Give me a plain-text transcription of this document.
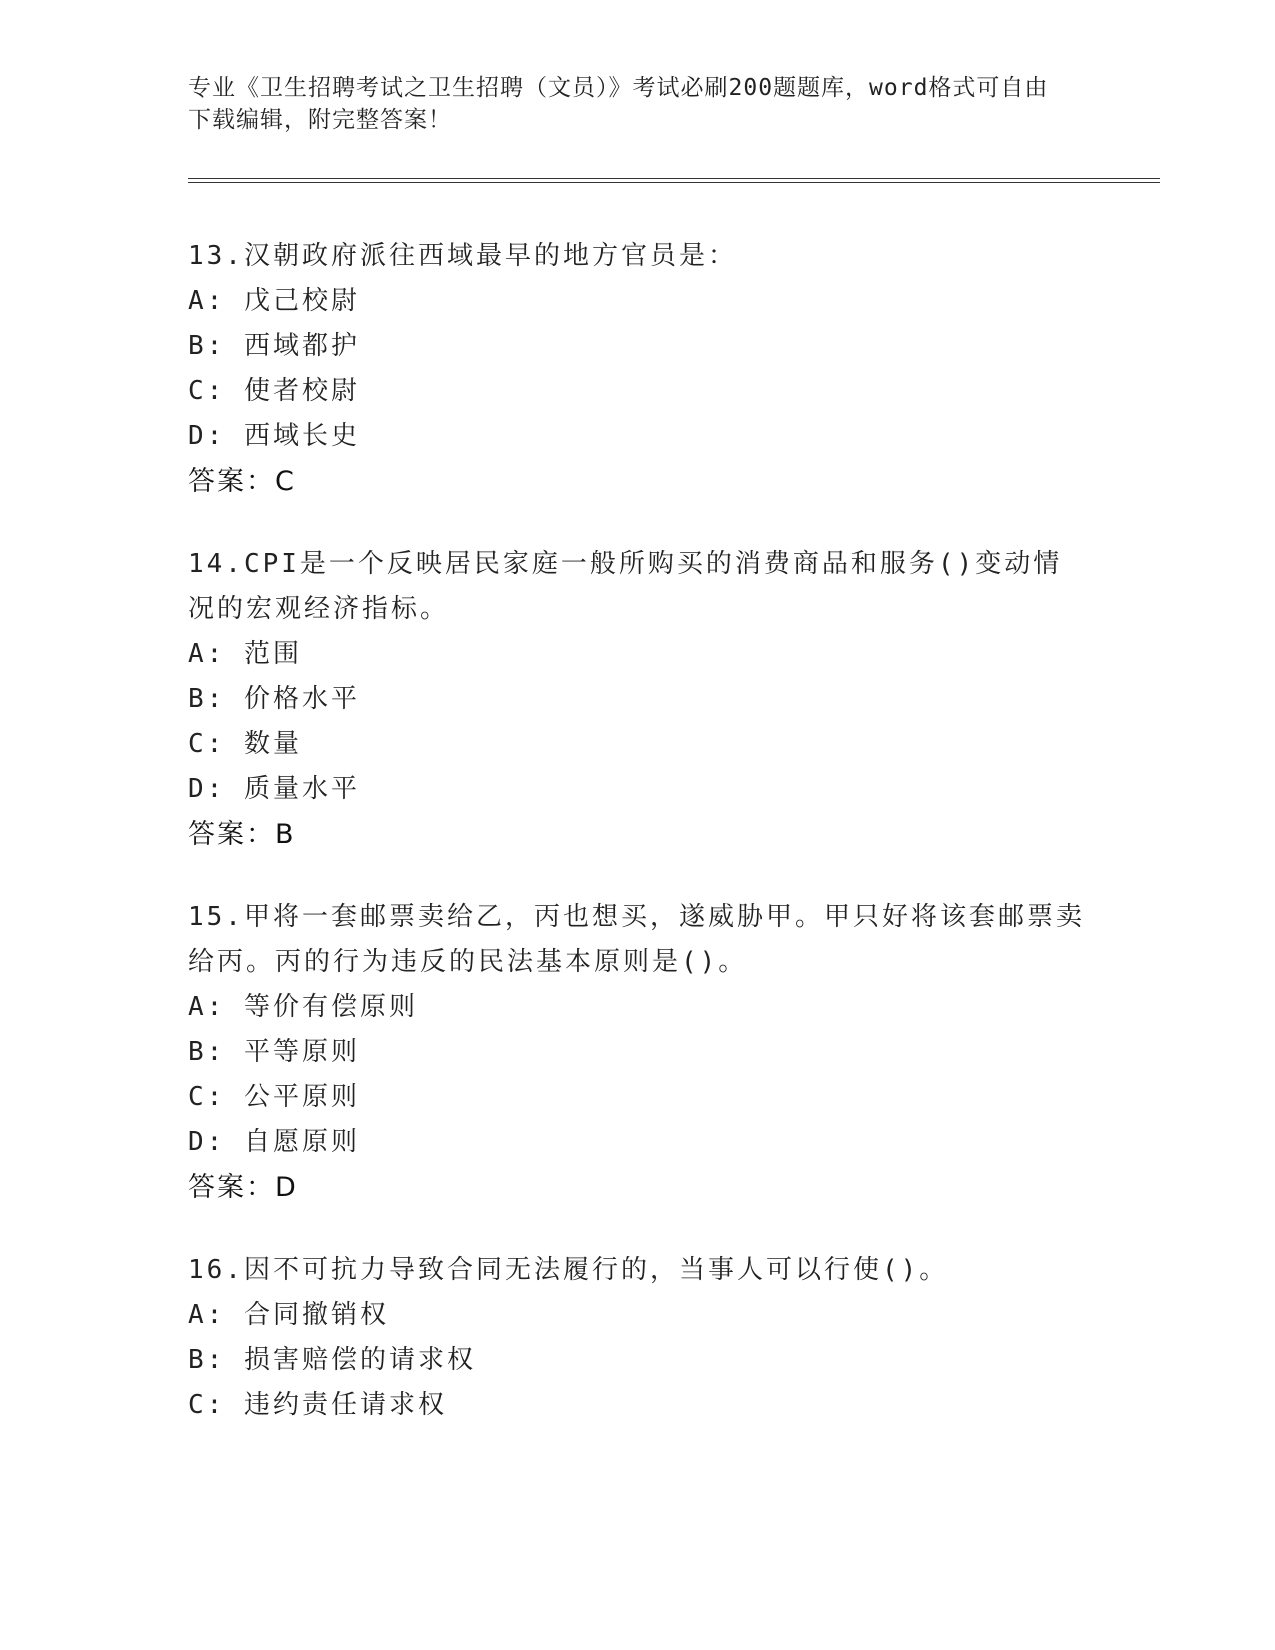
专业《卫生招聘考试之卫生招聘（文员）》考试必刷200题题库，word格式可自由下载编辑，附完整答案！
13.汉朝政府派往西域最早的地方官员是：
A: 戊己校尉
B: 西域都护
C: 使者校尉
D: 西域长史
答案：C
14.CPI是一个反映居民家庭一般所购买的消费商品和服务()变动情况的宏观经济指标。
A: 范围
B: 价格水平
C: 数量
D: 质量水平
答案：B
15.甲将一套邮票卖给乙，丙也想买，遂威胁甲。甲只好将该套邮票卖给丙。丙的行为违反的民法基本原则是()。
A: 等价有偿原则
B: 平等原则
C: 公平原则
D: 自愿原则
答案：D
16.因不可抗力导致合同无法履行的，当事人可以行使()。
A: 合同撤销权
B: 损害赔偿的请求权
C: 违约责任请求权
